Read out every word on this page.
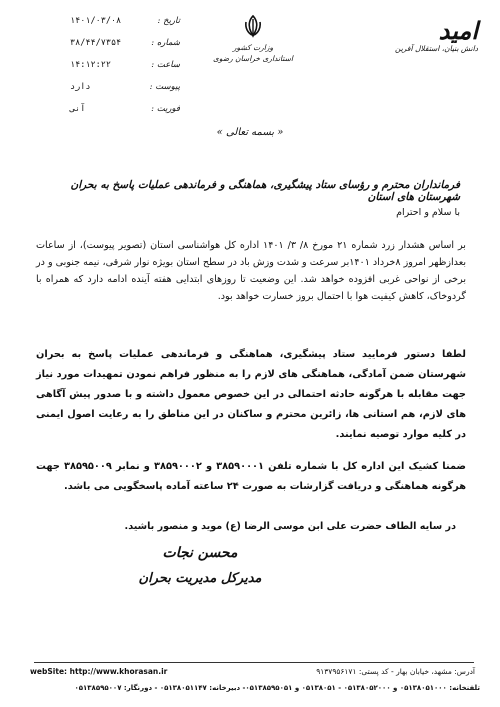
تاریخ :
۱۴۰۱/۰۳/۰۸
شماره :
۳۸/۴۴/۷۳۵۴
ساعت :
۱۴:۱۲:۲۲
پیوست :
دارد
فوریت :
آنی
وزارت کشور
استانداری خراسان رضوی
امید
دانش بنیان، استقلال آفرین
« بسمه تعالی »
فرمانداران محترم و رؤسای ستاد پیشگیری، هماهنگی و فرماندهی عملیات پاسخ به بحران شهرستان های استان
با سلام و احترام
بر اساس هشدار زرد شماره ۲۱ مورخ ۸/ ۳/ ۱۴۰۱ اداره کل هواشناسی استان (تصویر پیوست)، از ساعات بعدازظهر امروز ۸خرداد ۱۴۰۱بر سرعت و شدت وزش باد در سطح استان بویژه نوار شرقی، نیمه جنوبی و در برخی از نواحی غربی افزوده خواهد شد. این وضعیت تا روزهای ابتدایی هفته آینده ادامه دارد که همراه با گردوخاک، کاهش کیفیت هوا با احتمال بروز خسارت خواهد بود.
لطفا دستور فرمایید ستاد پیشگیری، هماهنگی و فرماندهی عملیات پاسخ به بحران شهرستان ضمن آمادگی، هماهنگی های لازم را به منظور فراهم نمودن تمهیدات مورد نیاز جهت مقابله با هرگونه حادثه احتمالی در این خصوص معمول داشته و با صدور پیش آگاهی های لازم، هم استانی ها، زائرین محترم و ساکنان در این مناطق را به رعایت اصول ایمنی در کلیه موارد توصیه نمایند.
ضمنا کشیک این اداره کل با شماره تلفن ۳۸۵۹۰۰۰۱ و ۳۸۵۹۰۰۰۲ و نمابر ۳۸۵۹۵۰۰۹ جهت هرگونه هماهنگی و دریافت گزارشات به صورت ۲۴ ساعته آماده پاسخگویی می باشد.
در سایه الطاف حضرت علی ابن موسی الرضا (ع) موید و منصور باشید.
محسن نجات
مدیرکل مدیریت بحران
webSite: http://www.khorasan.ir	آدرس: مشهد، خیابان بهار - کد پستی: ۹۱۳۷۹۵۶۱۷۱
تلفنخانه: ۰۵۱۳۸۰۵۱۰۰۰ و ۰۵۱۳۸۰۵۲۰۰۰ - ۰۵۱۳۸۰۵۱ و ۰۵۱۳۸۵۹۵۰۵۱- دبیرخانه: ۰۵۱۳۸۰۵۱۱۴۷ - دورنگار: ۰۵۱۳۸۵۹۵۰۰۷
